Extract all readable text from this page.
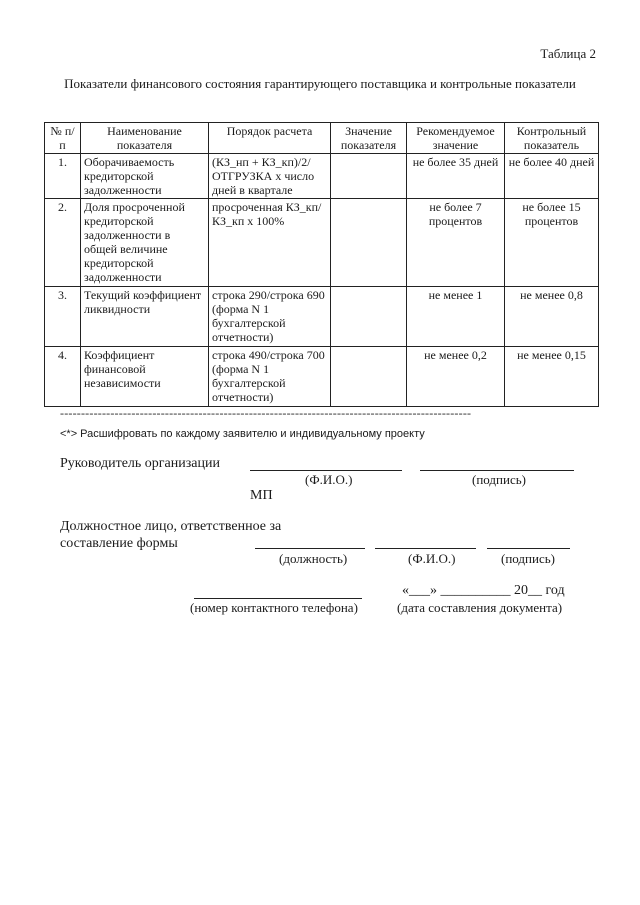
Таблица 2
Показатели финансового состояния гарантирующего поставщика и контрольные показатели
№ п/п	Наименование показателя	Порядок расчета	Значение показателя	Рекомендуемое значение	Контрольный показатель
1.	Оборачиваемость кредиторской задолженности	(КЗ_нп + КЗ_кп)/2/ ОТГРУЗКА x число дней в квартале		не более 35 дней	не более 40 дней
2.	Доля просроченной кредиторской задолженности в общей величине кредиторской задолженности	просроченная КЗ_кп/КЗ_кп x 100%		не более 7 процентов	не более 15 процентов
3.	Текущий коэффициент ликвидности	строка 290/строка 690 (форма N 1 бухгалтерской отчетности)		не менее 1	не менее 0,8
4.	Коэффициент финансовой независимости	строка 490/строка 700 (форма N 1 бухгалтерской отчетности)		не менее 0,2	не менее 0,15
--------------------------------------------------------------------------------------------------
<*> Расшифровать по каждому заявителю и индивидуальному проекту
Руководитель организации
(Ф.И.О.)	(подпись)
МП
Должностное лицо, ответственное за
составление формы
(должность)	(Ф.И.О.)	(подпись)
«___» __________ 20__ год
(номер контактного телефона)	(дата составления документа)
